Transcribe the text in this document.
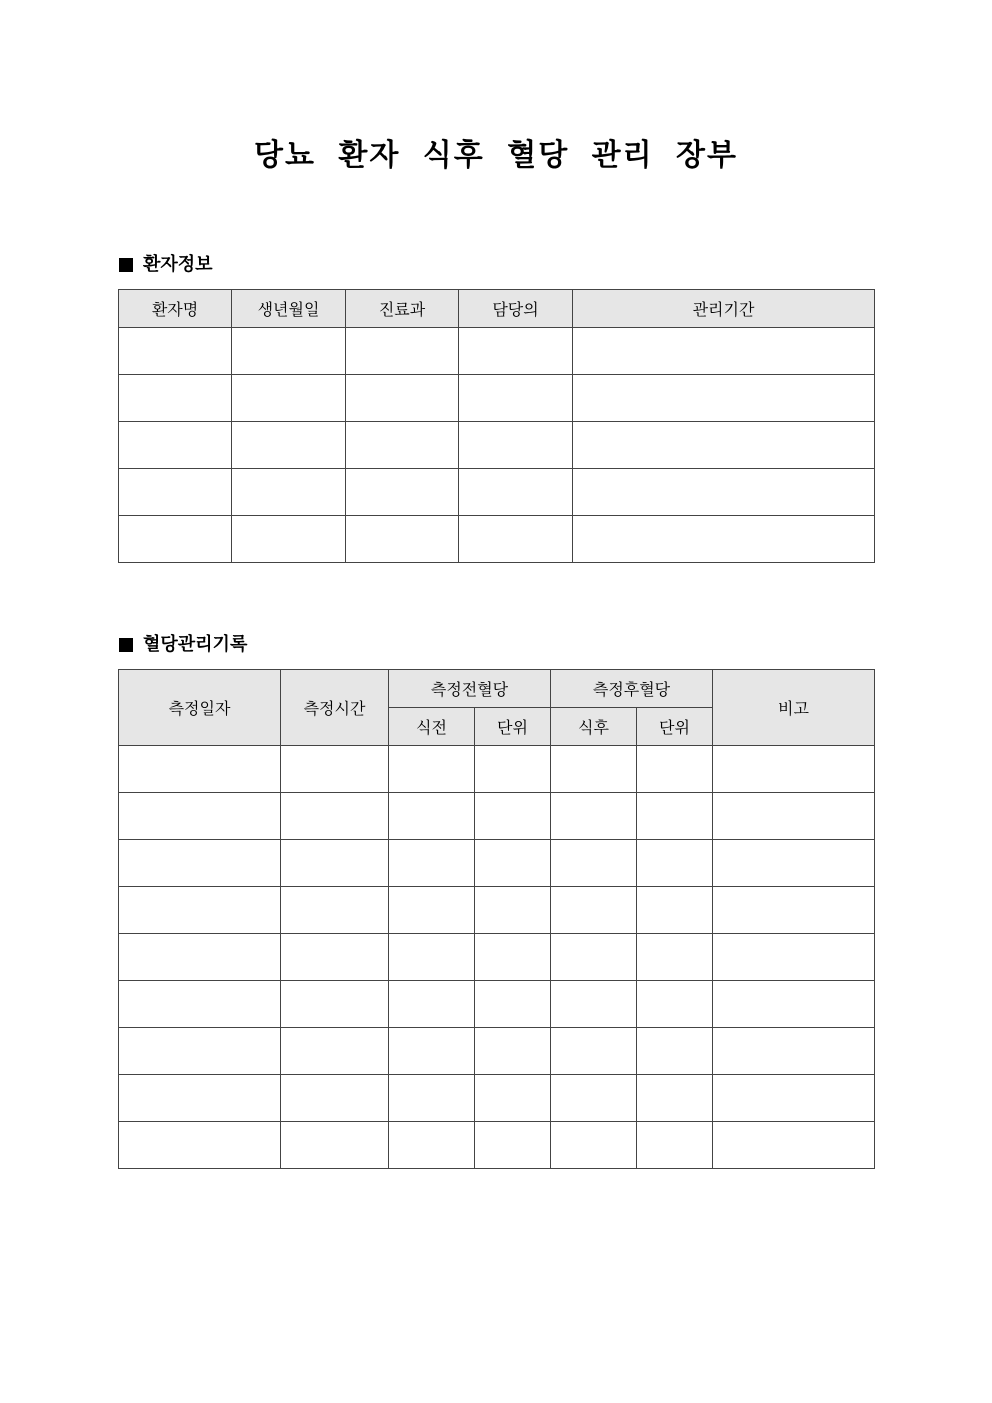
당뇨 환자 식후 혈당 관리 장부
환자정보
환자명	생년월일	진료과	담당의	관리기간

혈당관리기록
측정일자	측정시간	측정전혈당		측정후혈당		비고
		식전	단위	식후	단위	
